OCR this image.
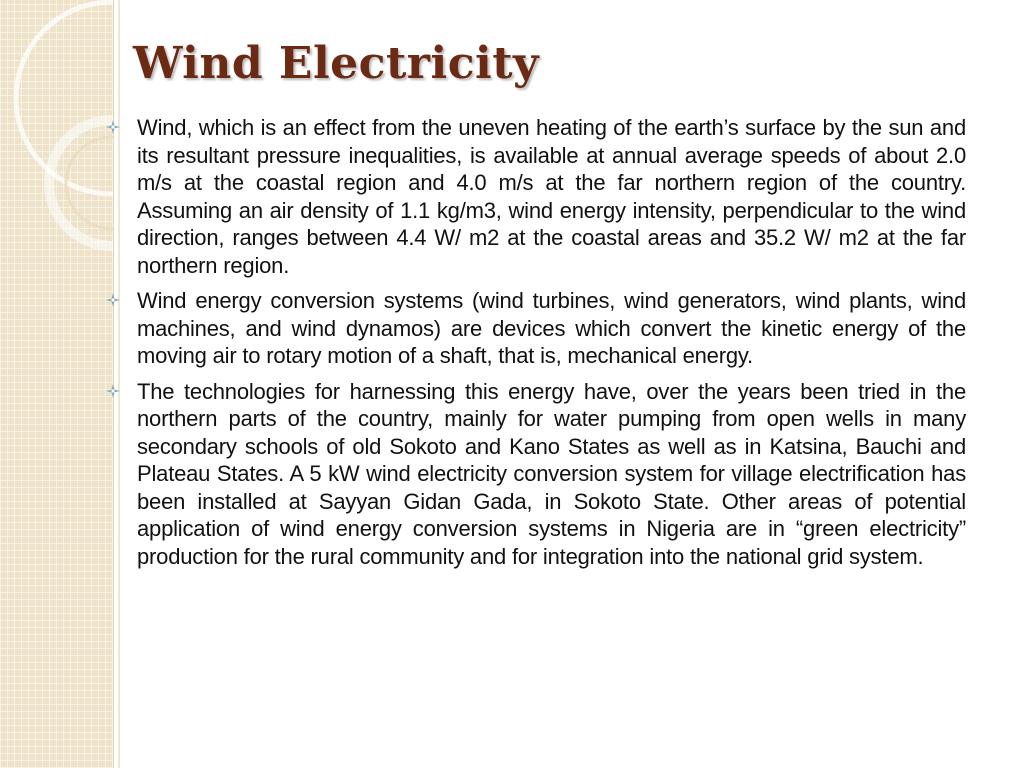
Wind Electricity
Wind, which is an effect from the uneven heating of the earth’s surface by the sun and its resultant pressure inequalities, is available at annual average speeds of about 2.0 m/s at the coastal region and 4.0 m/s at the far northern region of the country. Assuming an air density of 1.1 kg/m3, wind energy intensity, perpendicular to the wind direction, ranges between 4.4 W/ m2 at the coastal areas and 35.2 W/ m2 at the far northern region.
Wind energy conversion systems (wind turbines, wind generators, wind plants, wind machines, and wind dynamos) are devices which convert the kinetic energy of the moving air to rotary motion of a shaft, that is, mechanical energy.
The technologies for harnessing this energy have, over the years been tried in the northern parts of the country, mainly for water pumping from open wells in many secondary schools of old Sokoto and Kano States as well as in Katsina, Bauchi and Plateau States. A 5 kW wind electricity conversion system for village electrification has been installed at Sayyan Gidan Gada, in Sokoto State. Other areas of potential application of wind energy conversion systems in Nigeria are in “green electricity” production for the rural community and for integration into the national grid system.
